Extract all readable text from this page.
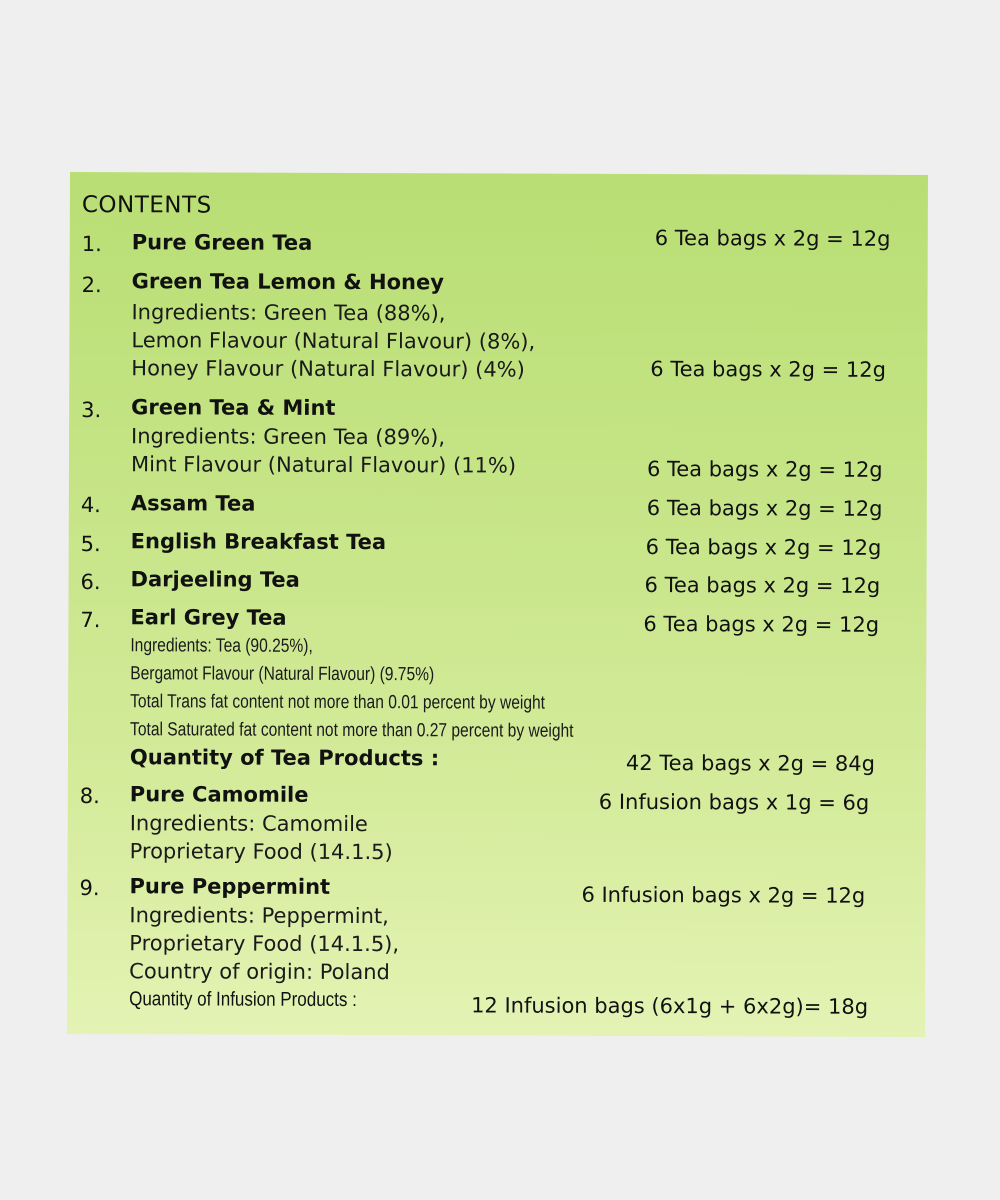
CONTENTS
1. Pure Green Tea	6 Tea bags x 2g = 12g
2. Green Tea Lemon & Honey
Ingredients: Green Tea (88%),
Lemon Flavour (Natural Flavour) (8%),
Honey Flavour (Natural Flavour) (4%)	6 Tea bags x 2g = 12g
3. Green Tea & Mint
Ingredients: Green Tea (89%),
Mint Flavour (Natural Flavour) (11%)	6 Tea bags x 2g = 12g
4. Assam Tea	6 Tea bags x 2g = 12g
5. English Breakfast Tea	6 Tea bags x 2g = 12g
6. Darjeeling Tea	6 Tea bags x 2g = 12g
7. Earl Grey Tea	6 Tea bags x 2g = 12g
Ingredients: Tea (90.25%),
Bergamot Flavour (Natural Flavour) (9.75%)
Total Trans fat content not more than 0.01 percent by weight
Total Saturated fat content not more than 0.27 percent by weight
Quantity of Tea Products :	42 Tea bags x 2g = 84g
8. Pure Camomile	6 Infusion bags x 1g = 6g
Ingredients: Camomile
Proprietary Food (14.1.5)
9. Pure Peppermint	6 Infusion bags x 2g = 12g
Ingredients: Peppermint,
Proprietary Food (14.1.5),
Country of origin: Poland
Quantity of Infusion Products :	12 Infusion bags (6x1g + 6x2g)= 18g
